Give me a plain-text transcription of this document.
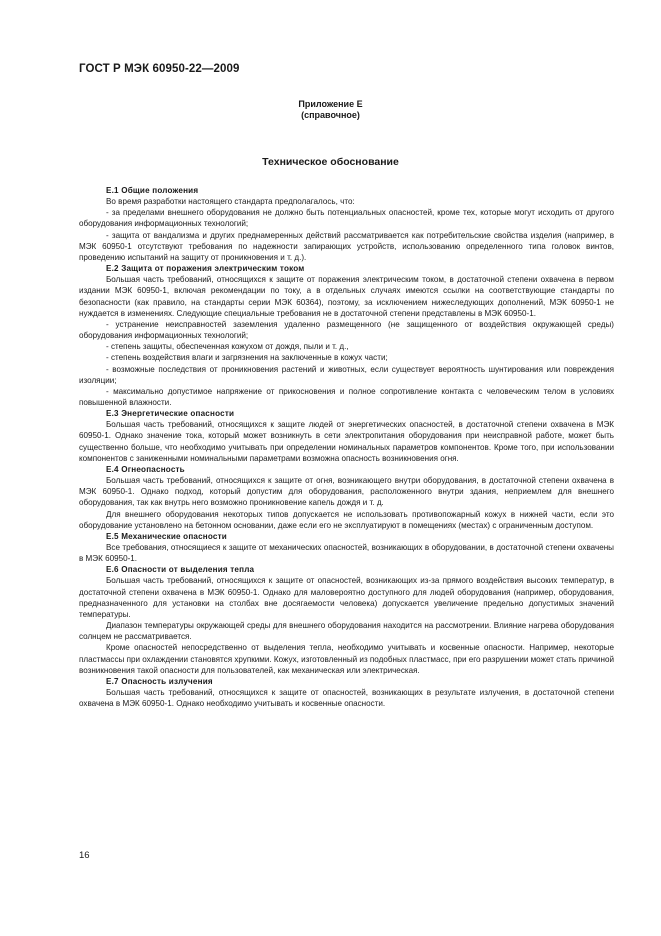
ГОСТ Р МЭК 60950-22—2009
Приложение Е
(справочное)
Техническое обоснование
Е.1 Общие положения

Во время разработки настоящего стандарта предполагалось, что:

- за пределами внешнего оборудования не должно быть потенциальных опасностей, кроме тех, которые могут исходить от другого оборудования информационных технологий;

- защита от вандализма и других преднамеренных действий рассматривается как потребительские свойства изделия (например, в МЭК 60950-1 отсутствуют требования по надежности запирающих устройств, использованию определенного типа головок винтов, проведению испытаний на защиту от проникновения и т. д.).

Е.2 Защита от поражения электрическим током

Большая часть требований, относящихся к защите от поражения электрическим током, в достаточной степени охвачена в первом издании МЭК 60950-1, включая рекомендации по току, а в отдельных случаях имеются ссылки на соответствующие стандарты по безопасности (как правило, на стандарты серии МЭК 60364), поэтому, за исключением нижеследующих дополнений, МЭК 60950-1 не нуждается в изменениях. Следующие специальные требования не в достаточной степени представлены в МЭК 60950-1.

- устранение неисправностей заземления удаленно размещенного (не защищенного от воздействия окружающей среды) оборудования информационных технологий;

- степень защиты, обеспеченная кожухом от дождя, пыли и т. д.,

- степень воздействия влаги и загрязнения на заключенные в кожух части;

- возможные последствия от проникновения растений и животных, если существует вероятность шунтирования или повреждения изоляции;

- максимально допустимое напряжение от прикосновения и полное сопротивление контакта с человеческим телом в условиях повышенной влажности.

Е.3 Энергетические опасности

Большая часть требований, относящихся к защите людей от энергетических опасностей, в достаточной степени охвачена в МЭК 60950-1. Однако значение тока, который может возникнуть в сети электропитания оборудования при неисправной работе, может быть существенно больше, что необходимо учитывать при определении номинальных параметров компонентов. Кроме того, при использовании компонентов с заниженными номинальными параметрами возможна опасность возникновения огня.

Е.4 Огнеопасность

Большая часть требований, относящихся к защите от огня, возникающего внутри оборудования, в достаточной степени охвачена в МЭК 60950-1. Однако подход, который допустим для оборудования, расположенного внутри здания, неприемлем для внешнего оборудования, так как внутрь него возможно проникновение капель дождя и т. д.

Для внешнего оборудования некоторых типов допускается не использовать противопожарный кожух в нижней части, если это оборудование установлено на бетонном основании, даже если его не эксплуатируют в помещениях (местах) с ограниченным доступом.

Е.5 Механические опасности

Все требования, относящиеся к защите от механических опасностей, возникающих в оборудовании, в достаточной степени охвачены в МЭК 60950-1.

Е.6 Опасности от выделения тепла

Большая часть требований, относящихся к защите от опасностей, возникающих из-за прямого воздействия высоких температур, в достаточной степени охвачена в МЭК 60950-1. Однако для маловероятно доступного для людей оборудования (например, оборудования, предназначенного для установки на столбах вне досягаемости человека) допускается увеличение предельно допустимых значений температуры.

Диапазон температуры окружающей среды для внешнего оборудования находится на рассмотрении. Влияние нагрева оборудования солнцем не рассматривается.

Кроме опасностей непосредственно от выделения тепла, необходимо учитывать и косвенные опасности. Например, некоторые пластмассы при охлаждении становятся хрупкими. Кожух, изготовленный из подобных пластмасс, при его разрушении может стать причиной возникновения такой опасности для пользователей, как механическая или электрическая.

Е.7 Опасность излучения

Большая часть требований, относящихся к защите от опасностей, возникающих в результате излучения, в достаточной степени охвачена в МЭК 60950-1. Однако необходимо учитывать и косвенные опасности.

16
